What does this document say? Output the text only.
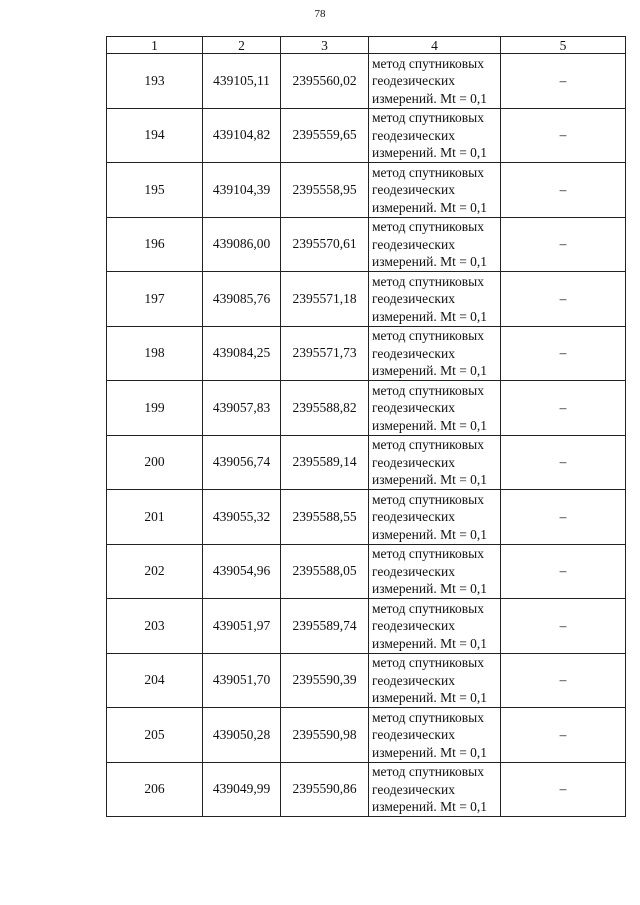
78
1	2	3	4	5
193	439105,11	2395560,02	метод спутниковых
геодезических
измерений. Mt = 0,1	–
194	439104,82	2395559,65	метод спутниковых
геодезических
измерений. Mt = 0,1	–
195	439104,39	2395558,95	метод спутниковых
геодезических
измерений. Mt = 0,1	–
196	439086,00	2395570,61	метод спутниковых
геодезических
измерений. Mt = 0,1	–
197	439085,76	2395571,18	метод спутниковых
геодезических
измерений. Mt = 0,1	–
198	439084,25	2395571,73	метод спутниковых
геодезических
измерений. Mt = 0,1	–
199	439057,83	2395588,82	метод спутниковых
геодезических
измерений. Mt = 0,1	–
200	439056,74	2395589,14	метод спутниковых
геодезических
измерений. Mt = 0,1	–
201	439055,32	2395588,55	метод спутниковых
геодезических
измерений. Mt = 0,1	–
202	439054,96	2395588,05	метод спутниковых
геодезических
измерений. Mt = 0,1	–
203	439051,97	2395589,74	метод спутниковых
геодезических
измерений. Mt = 0,1	–
204	439051,70	2395590,39	метод спутниковых
геодезических
измерений. Mt = 0,1	–
205	439050,28	2395590,98	метод спутниковых
геодезических
измерений. Mt = 0,1	–
206	439049,99	2395590,86	метод спутниковых
геодезических
измерений. Mt = 0,1	–
